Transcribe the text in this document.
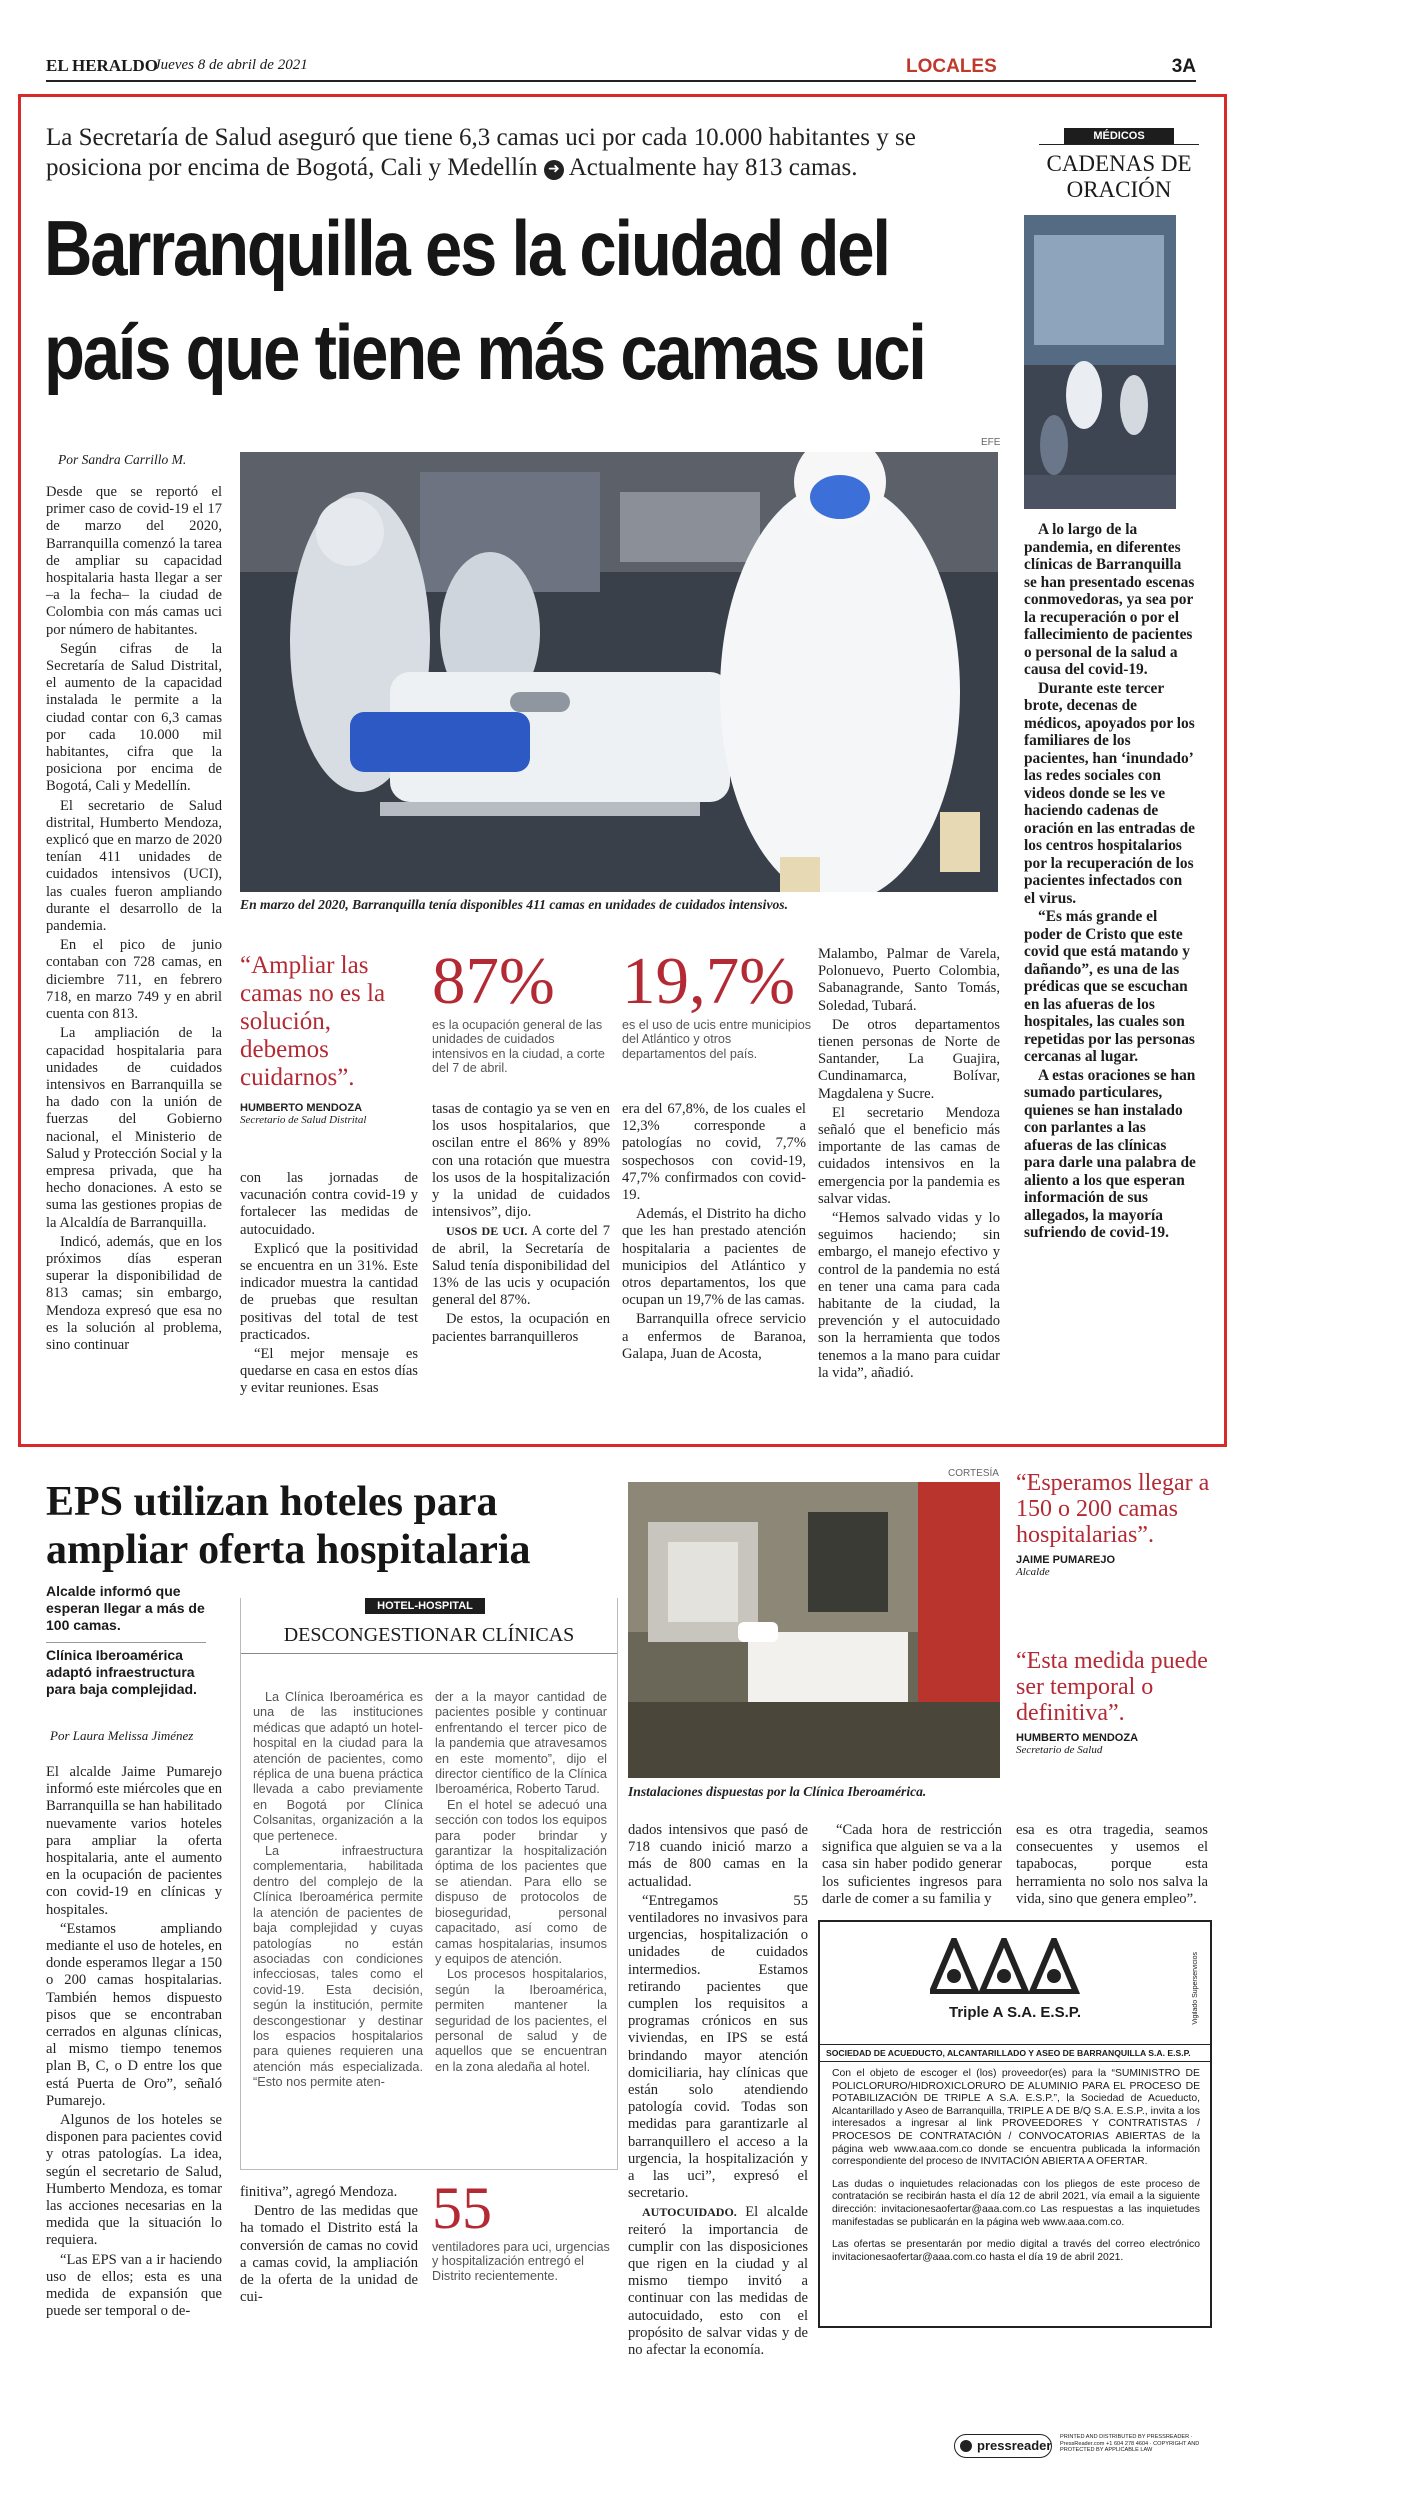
EL HERALDO
Jueves 8 de abril de 2021	LOCALES	3A
La Secretaría de Salud aseguró que tiene 6,3 camas uci por cada 10.000 habitantes y se posiciona por encima de Bogotá, Cali y Medellín ➜ Actualmente hay 813 camas.
Barranquilla es la ciudad del
país que tiene más camas uci
Por Sandra Carrillo M.

Desde que se reportó el primer caso de covid-19 el 17 de marzo del 2020, Barranquilla comenzó la tarea de ampliar su capacidad hospitalaria hasta llegar a ser –a la fecha– la ciudad de Colombia con más camas uci por número de habitantes.

Según cifras de la Secretaría de Salud Distrital, el aumento de la capacidad instalada le permite a la ciudad contar con 6,3 camas por cada 10.000 mil habitantes, cifra que la posiciona por encima de Bogotá, Cali y Medellín.

El secretario de Salud distrital, Humberto Mendoza, explicó que en marzo de 2020 tenían 411 unidades de cuidados intensivos (UCI), las cuales fueron ampliando durante el desarrollo de la pandemia.

En el pico de junio contaban con 728 camas, en diciembre 711, en febrero 718, en marzo 749 y en abril cuenta con 813.

La ampliación de la capacidad hospitalaria para unidades de cuidados intensivos en Barranquilla se ha dado con la unión de fuerzas del Gobierno nacional, el Ministerio de Salud y Protección Social y la empresa privada, que ha hecho donaciones. A esto se suma las gestiones propias de la Alcaldía de Barranquilla.

Indicó, además, que en los próximos días esperan superar la disponibilidad de 813 camas; sin embargo, Mendoza expresó que esa no es la solución al problema, sino continuar

EFE
En marzo del 2020, Barranquilla tenía disponibles 411 camas en unidades de cuidados intensivos.
“Ampliar las camas no es la solución, debemos cuidarnos”.
HUMBERTO MENDOZA
Secretario de Salud Distrital
87%
es la ocupación general de las unidades de cuidados intensivos en la ciudad, a corte del 7 de abril.
19,7%
es el uso de ucis entre municipios del Atlántico y otros departamentos del país.

con las jornadas de vacunación contra covid-19 y fortalecer las medidas de autocuidado.

Explicó que la positividad se encuentra en un 31%. Este indicador muestra la cantidad de pruebas que resultan positivas del total de test practicados.

“El mejor mensaje es quedarse en casa en estos días y evitar reuniones. Esas

tasas de contagio ya se ven en los usos hospitalarios, que oscilan entre el 86% y 89% con una rotación que muestra los usos de la hospitalización y la unidad de cuidados intensivos”, dijo.

USOS DE UCI. A corte del 7 de abril, la Secretaría de Salud tenía disponibilidad del 13% de las ucis y ocupación general del 87%.

De estos, la ocupación en pacientes barranquilleros

era del 67,8%, de los cuales el 12,3% corresponde a patologías no covid, 7,7% sospechosos con covid-19, 47,7% confirmados con covid-19.

Además, el Distrito ha dicho que les han prestado atención hospitalaria a pacientes de municipios del Atlántico y otros departamentos, los que ocupan un 19,7% de las camas.

Barranquilla ofrece servicio a enfermos de Baranoa, Galapa, Juan de Acosta,

Malambo, Palmar de Varela, Polonuevo, Puerto Colombia, Sabanagrande, Santo Tomás, Soledad, Tubará.

De otros departamentos tienen personas de Norte de Santander, La Guajira, Cundinamarca, Bolívar, Magdalena y Sucre.

El secretario Mendoza señaló que el beneficio más importante de las camas de cuidados intensivos en la emergencia por la pandemia es salvar vidas.

“Hemos salvado vidas y lo seguimos haciendo; sin embargo, el manejo efectivo y control de la pandemia no está en tener una cama para cada habitante de la ciudad, la prevención y el autocuidado son la herramienta que todos tenemos a la mano para cuidar la vida”, añadió.

MÉDICOS
CADENAS DE ORACIÓN

A lo largo de la pandemia, en diferentes clínicas de Barranquilla se han presentado escenas conmovedoras, ya sea por la recuperación o por el fallecimiento de pacientes o personal de la salud a causa del covid-19.

Durante este tercer brote, decenas de médicos, apoyados por los familiares de los pacientes, han ‘inundado’ las redes sociales con videos donde se les ve haciendo cadenas de oración en las entradas de los centros hospitalarios por la recuperación de los pacientes infectados con el virus.

“Es más grande el poder de Cristo que este covid que está matando y dañando”, es una de las prédicas que se escuchan en las afueras de los hospitales, las cuales son repetidas por las personas cercanas al lugar.

A estas oraciones se han sumado particulares, quienes se han instalado con parlantes a las afueras de las clínicas para darle una palabra de aliento a los que esperan información de sus allegados, la mayoría sufriendo de covid-19.

EPS utilizan hoteles para ampliar oferta hospitalaria
Alcalde informó que esperan llegar a más de 100 camas.
Clínica Iberoamérica adaptó infraestructura para baja complejidad.
Por Laura Melissa Jiménez

El alcalde Jaime Pumarejo informó este miércoles que en Barranquilla se han habilitado nuevamente varios hoteles para ampliar la oferta hospitalaria, ante el aumento en la ocupación de pacientes con covid-19 en clínicas y hospitales.

“Estamos ampliando mediante el uso de hoteles, en donde esperamos llegar a 150 o 200 camas hospitalarias. También hemos dispuesto pisos que se encontraban cerrados en algunas clínicas, al mismo tiempo tenemos plan B, C, o D entre los que está Puerta de Oro”, señaló Pumarejo.

Algunos de los hoteles se disponen para pacientes covid y otras patologías. La idea, según el secretario de Salud, Humberto Mendoza, es tomar las acciones necesarias en la medida que la situación lo requiera.

“Las EPS van a ir haciendo uso de ellos; esta es una medida de expansión que puede ser temporal o de-

HOTEL-HOSPITAL
DESCONGESTIONAR CLÍNICAS

La Clínica Iberoamérica es una de las instituciones médicas que adaptó un hotel-hospital en la ciudad para la atención de pacientes, como réplica de una buena práctica llevada a cabo previamente en Bogotá por Clínica Colsanitas, organización a la que pertenece.

La infraestructura complementaria, habilitada dentro del complejo de la Clínica Iberoamérica permite la atención de pacientes de baja complejidad y cuyas patologías no están asociadas con condiciones infecciosas, tales como el covid-19. Esta decisión, según la institución, permite descongestionar y destinar los espacios hospitalarios para quienes requieren una atención más especializada. “Esto nos permite aten-

der a la mayor cantidad de pacientes posible y continuar enfrentando el tercer pico de la pandemia que atravesamos en este momento”, dijo el director científico de la Clínica Iberoamérica, Roberto Tarud.

En el hotel se adecuó una sección con todos los equipos para poder brindar y garantizar la hospitalización óptima de los pacientes que se atiendan. Para ello se dispuso de protocolos de bioseguridad, personal capacitado, así como de camas hospitalarias, insumos y equipos de atención.

Los procesos hospitalarios, según la Iberoamérica, permiten mantener la seguridad de los pacientes, el personal de salud y de aquellos que se encuentran en la zona aledaña al hotel.

finitiva”, agregó Mendoza.

Dentro de las medidas que ha tomado el Distrito está la conversión de camas no covid a camas covid, la ampliación de la oferta de la unidad de cui-

55
ventiladores para uci, urgencias y hospitalización entregó el Distrito recientemente.
CORTESÍA
Instalaciones dispuestas por la Clínica Iberoamérica.

dados intensivos que pasó de 718 cuando inició marzo a más de 800 camas en la actualidad.

“Entregamos 55 ventiladores no invasivos para urgencias, hospitalización o unidades de cuidados intermedios. Estamos retirando pacientes que cumplen los requisitos a programas crónicos en sus viviendas, en IPS se está brindando mayor atención domiciliaria, hay clínicas que están solo atendiendo patología covid. Todas son medidas para garantizarle al barranquillero el acceso a la urgencia, la hospitalización y a las uci”, expresó el secretario.

AUTOCUIDADO. El alcalde reiteró la importancia de cumplir con las disposiciones que rigen en la ciudad y al mismo tiempo invitó a continuar con las medidas de autocuidado, esto con el propósito de salvar vidas y de no afectar la economía.

“Cada hora de restricción significa que alguien se va a la casa sin haber podido generar los suficientes ingresos para darle de comer a su familia y

esa es otra tragedia, seamos consecuentes y usemos el tapabocas, porque esta herramienta no solo nos salva la vida, sino que genera empleo”.

“Esperamos llegar a 150 o 200 camas hospitalarias”.
JAIME PUMAREJO
Alcalde
“Esta medida puede ser temporal o definitiva”.
HUMBERTO MENDOZA
Secretario de Salud
Triple A S.A. E.S.P.	Vigilado Superservicios
SOCIEDAD DE ACUEDUCTO, ALCANTARILLADO Y ASEO DE BARRANQUILLA S.A. E.S.P.

Con el objeto de escoger el (los) proveedor(es) para la “SUMINISTRO DE POLICLORURO/HIDROXICLORURO DE ALUMINIO PARA EL PROCESO DE POTABILIZACIÓN DE TRIPLE A S.A. E.S.P.”, la Sociedad de Acueducto, Alcantarillado y Aseo de Barranquilla, TRIPLE A DE B/Q S.A. E.S.P., invita a los interesados a ingresar al link PROVEEDORES Y CONTRATISTAS / PROCESOS DE CONTRATACIÓN / CONVOCATORIAS ABIERTAS de la página web www.aaa.com.co donde se encuentra publicada la información correspondiente del proceso de INVITACIÓN ABIERTA A OFERTAR.

Las dudas o inquietudes relacionadas con los pliegos de este proceso de contratación se recibirán hasta el día 12 de abril 2021, vía email a la siguiente dirección: invitacionesaofertar@aaa.com.co Las respuestas a las inquietudes manifestadas se publicarán en la página web www.aaa.com.co.

Las ofertas se presentarán por medio digital a través del correo electrónico invitacionesaofertar@aaa.com.co hasta el día 19 de abril 2021.

pressreader
PRINTED AND DISTRIBUTED BY PRESSREADER · PressReader.com +1 604 278 4604 · COPYRIGHT AND PROTECTED BY APPLICABLE LAW
